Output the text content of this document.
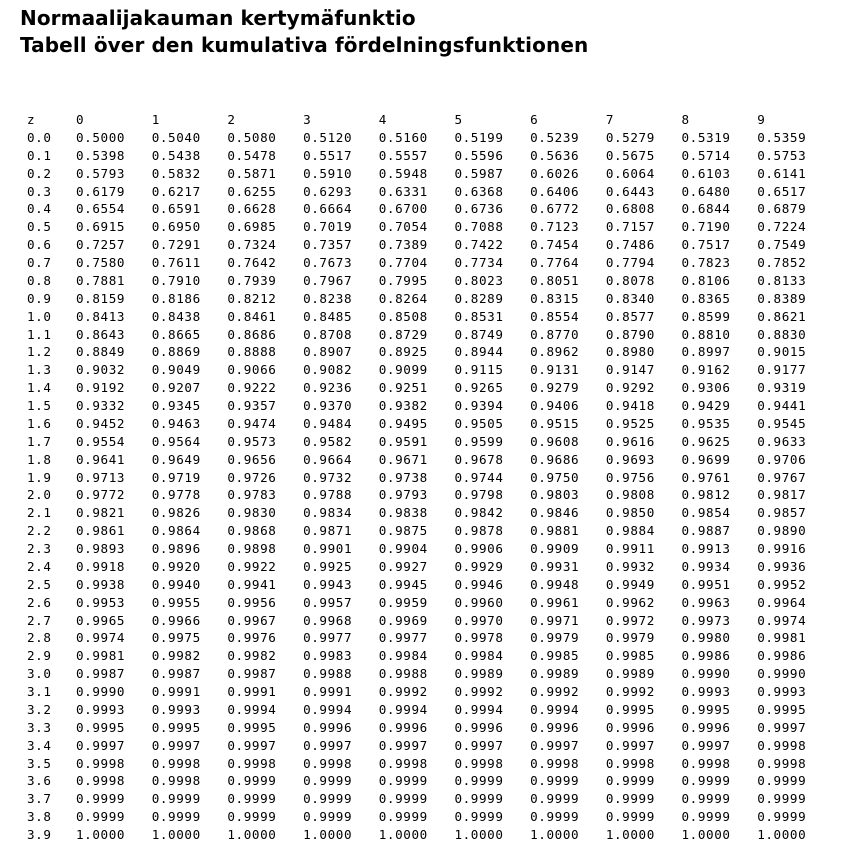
Normaalijakauman kertymäfunktio
Tabell över den kumulativa fördelningsfunktionen
z	0	1	2	3	4	5	6	7	8	9
0.0	0.5000	0.5040	0.5080	0.5120	0.5160	0.5199	0.5239	0.5279	0.5319	0.5359
0.1	0.5398	0.5438	0.5478	0.5517	0.5557	0.5596	0.5636	0.5675	0.5714	0.5753
0.2	0.5793	0.5832	0.5871	0.5910	0.5948	0.5987	0.6026	0.6064	0.6103	0.6141
0.3	0.6179	0.6217	0.6255	0.6293	0.6331	0.6368	0.6406	0.6443	0.6480	0.6517
0.4	0.6554	0.6591	0.6628	0.6664	0.6700	0.6736	0.6772	0.6808	0.6844	0.6879
0.5	0.6915	0.6950	0.6985	0.7019	0.7054	0.7088	0.7123	0.7157	0.7190	0.7224
0.6	0.7257	0.7291	0.7324	0.7357	0.7389	0.7422	0.7454	0.7486	0.7517	0.7549
0.7	0.7580	0.7611	0.7642	0.7673	0.7704	0.7734	0.7764	0.7794	0.7823	0.7852
0.8	0.7881	0.7910	0.7939	0.7967	0.7995	0.8023	0.8051	0.8078	0.8106	0.8133
0.9	0.8159	0.8186	0.8212	0.8238	0.8264	0.8289	0.8315	0.8340	0.8365	0.8389
1.0	0.8413	0.8438	0.8461	0.8485	0.8508	0.8531	0.8554	0.8577	0.8599	0.8621
1.1	0.8643	0.8665	0.8686	0.8708	0.8729	0.8749	0.8770	0.8790	0.8810	0.8830
1.2	0.8849	0.8869	0.8888	0.8907	0.8925	0.8944	0.8962	0.8980	0.8997	0.9015
1.3	0.9032	0.9049	0.9066	0.9082	0.9099	0.9115	0.9131	0.9147	0.9162	0.9177
1.4	0.9192	0.9207	0.9222	0.9236	0.9251	0.9265	0.9279	0.9292	0.9306	0.9319
1.5	0.9332	0.9345	0.9357	0.9370	0.9382	0.9394	0.9406	0.9418	0.9429	0.9441
1.6	0.9452	0.9463	0.9474	0.9484	0.9495	0.9505	0.9515	0.9525	0.9535	0.9545
1.7	0.9554	0.9564	0.9573	0.9582	0.9591	0.9599	0.9608	0.9616	0.9625	0.9633
1.8	0.9641	0.9649	0.9656	0.9664	0.9671	0.9678	0.9686	0.9693	0.9699	0.9706
1.9	0.9713	0.9719	0.9726	0.9732	0.9738	0.9744	0.9750	0.9756	0.9761	0.9767
2.0	0.9772	0.9778	0.9783	0.9788	0.9793	0.9798	0.9803	0.9808	0.9812	0.9817
2.1	0.9821	0.9826	0.9830	0.9834	0.9838	0.9842	0.9846	0.9850	0.9854	0.9857
2.2	0.9861	0.9864	0.9868	0.9871	0.9875	0.9878	0.9881	0.9884	0.9887	0.9890
2.3	0.9893	0.9896	0.9898	0.9901	0.9904	0.9906	0.9909	0.9911	0.9913	0.9916
2.4	0.9918	0.9920	0.9922	0.9925	0.9927	0.9929	0.9931	0.9932	0.9934	0.9936
2.5	0.9938	0.9940	0.9941	0.9943	0.9945	0.9946	0.9948	0.9949	0.9951	0.9952
2.6	0.9953	0.9955	0.9956	0.9957	0.9959	0.9960	0.9961	0.9962	0.9963	0.9964
2.7	0.9965	0.9966	0.9967	0.9968	0.9969	0.9970	0.9971	0.9972	0.9973	0.9974
2.8	0.9974	0.9975	0.9976	0.9977	0.9977	0.9978	0.9979	0.9979	0.9980	0.9981
2.9	0.9981	0.9982	0.9982	0.9983	0.9984	0.9984	0.9985	0.9985	0.9986	0.9986
3.0	0.9987	0.9987	0.9987	0.9988	0.9988	0.9989	0.9989	0.9989	0.9990	0.9990
3.1	0.9990	0.9991	0.9991	0.9991	0.9992	0.9992	0.9992	0.9992	0.9993	0.9993
3.2	0.9993	0.9993	0.9994	0.9994	0.9994	0.9994	0.9994	0.9995	0.9995	0.9995
3.3	0.9995	0.9995	0.9995	0.9996	0.9996	0.9996	0.9996	0.9996	0.9996	0.9997
3.4	0.9997	0.9997	0.9997	0.9997	0.9997	0.9997	0.9997	0.9997	0.9997	0.9998
3.5	0.9998	0.9998	0.9998	0.9998	0.9998	0.9998	0.9998	0.9998	0.9998	0.9998
3.6	0.9998	0.9998	0.9999	0.9999	0.9999	0.9999	0.9999	0.9999	0.9999	0.9999
3.7	0.9999	0.9999	0.9999	0.9999	0.9999	0.9999	0.9999	0.9999	0.9999	0.9999
3.8	0.9999	0.9999	0.9999	0.9999	0.9999	0.9999	0.9999	0.9999	0.9999	0.9999
3.9	1.0000	1.0000	1.0000	1.0000	1.0000	1.0000	1.0000	1.0000	1.0000	1.0000
